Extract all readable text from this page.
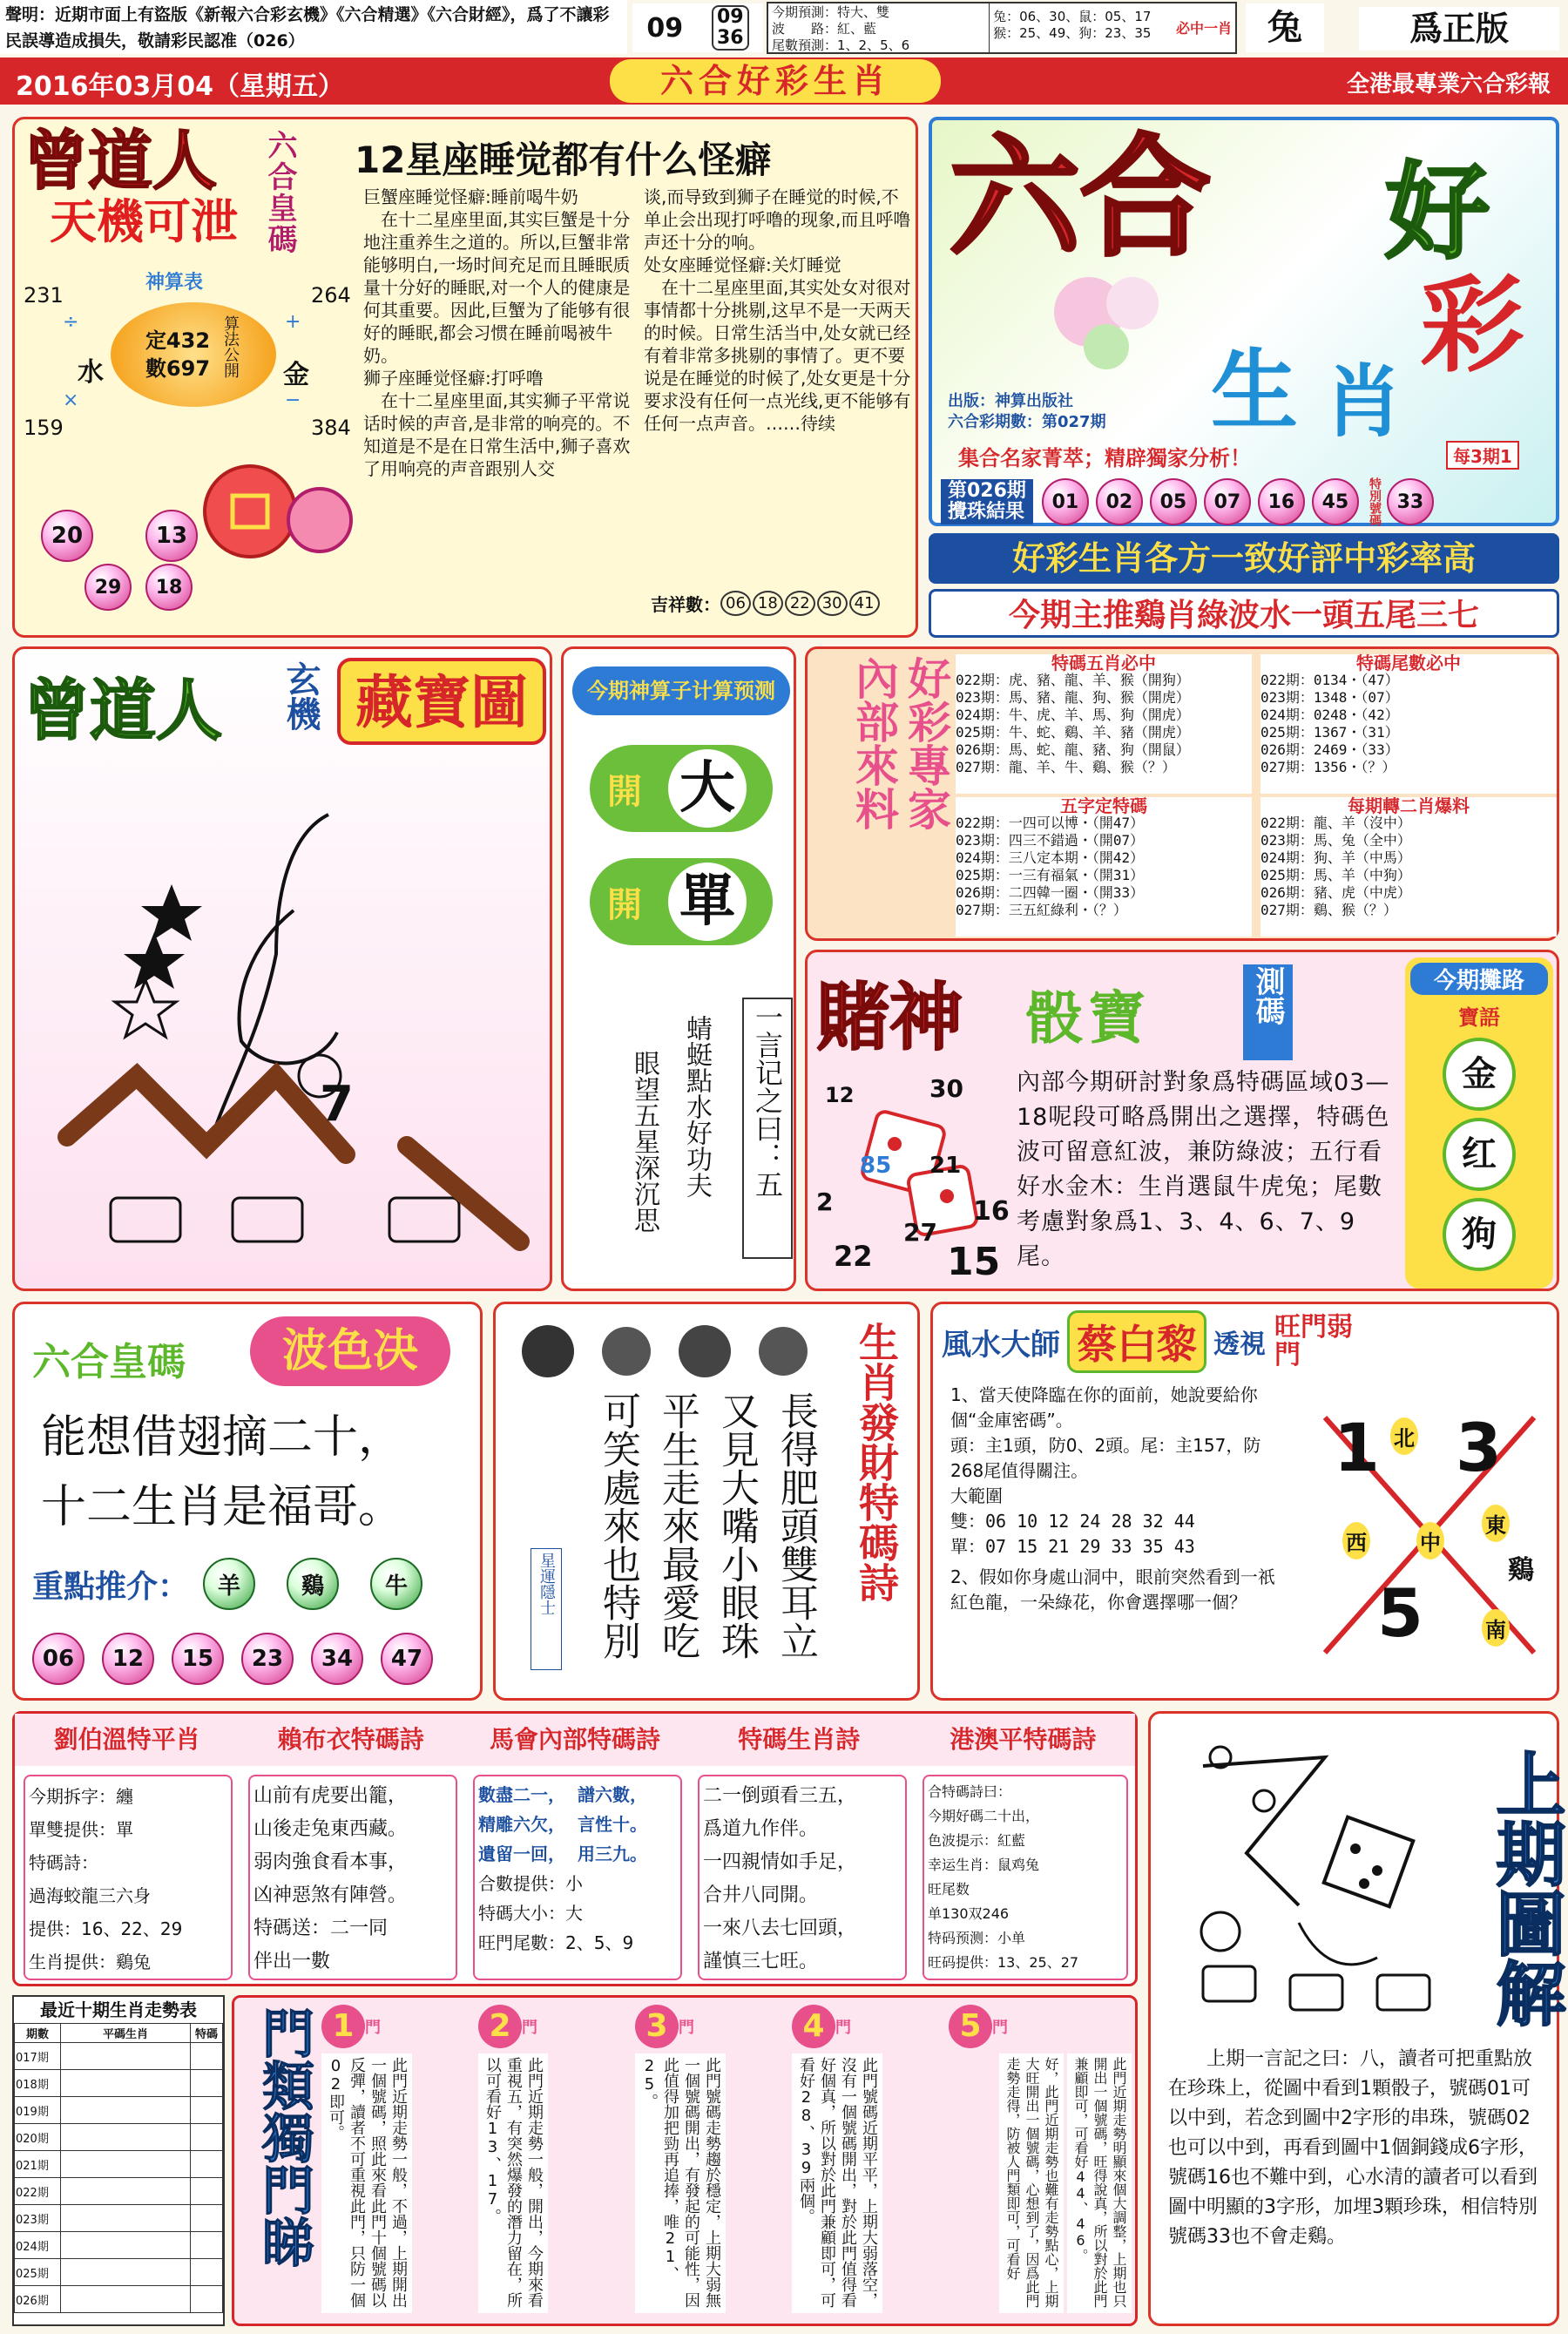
聲明：近期市面上有盜版《新報六合彩玄機》《六合精選》《六合財經》，爲了不讓彩民誤導造成損失，敬請彩民認准（026）	09 09
36
今期預測：特大、雙
波　　路：紅、藍
尾數預測：1、2、5、6
兔：06、30、鼠：05、17
猴：25、49、狗：23、35	必中一肖	兔	爲正版
2016年03月04（星期五）	六合好彩生肖	全港最專業六合彩報
曾道人
天機可泄 六合皇碼
神算表
231	264
159	384
÷	+
×	−
水	金
定432
數697 算法公開
20	13
29	18
12星座睡觉都有什么怪癖
巨蟹座睡觉怪癖:睡前喝牛奶
　在十二星座里面,其实巨蟹是十分地注重养生之道的。所以,巨蟹非常能够明白,一场时间充足而且睡眠质量十分好的睡眠,对一个人的健康是何其重要。因此,巨蟹为了能够有很好的睡眠,都会习惯在睡前喝被牛奶。
狮子座睡觉怪癖:打呼噜
　在十二星座里面,其实狮子平常说话时候的声音,是非常的响亮的。不知道是不是在日常生活中,狮子喜欢了用响亮的声音跟别人交
谈,而导致到狮子在睡觉的时候,不单止会出现打呼噜的现象,而且呼噜声还十分的响。
处女座睡觉怪癖:关灯睡觉
　在十二星座里面,其实处女对很对事情都十分挑剔,这早不是一天两天的时候。日常生活当中,处女就已经有着非常多挑剔的事情了。更不要说是在睡觉的时候了,处女更是十分要求没有任何一点光线,更不能够有任何一点声音。……待续
吉祥數： 06 18 22 30 41
六合 好
彩
生 肖
出版：神算出版社
六合彩期數：第027期
集合名家菁萃；精辟獨家分析！	每3期1
第026期
攪珠結果	01	02	05	07	16	45	特別號碼 33
好彩生肖各方一致好評中彩率高
今期主推鷄肖綠波水一頭五尾三七
曾道人 玄機 藏寶圖
7
今期神算子计算预测
開 大
開 單
一言记之曰：五
蜻蜓點水好功夫
眼望五星深沉思
好彩專家
內部來料	特碼五肖必中
022期：虎、豬、龍、羊、猴（開狗）
023期：馬、豬、龍、狗、猴（開虎）
024期：牛、虎、羊、馬、狗（開虎）
025期：牛、蛇、鷄、羊、豬（開虎）
026期：馬、蛇、龍、豬、狗（開鼠）
027期：龍、羊、牛、鷄、猴（？）
特碼尾數必中
022期：0134・（47）
023期：1348・（07）
024期：0248・（42）
025期：1367・（31）
026期：2469・（33）
027期：1356・（？）
五字定特碼
022期：一四可以博・（開47）
023期：四三不錯過・（開07）
024期：三八定本期・（開42）
025期：一三有福氣・（開31）
026期：二四韓一圈・（開33）
027期：三五紅綠利・（？）
每期轉二肖爆料
022期：龍、羊（沒中）
023期：馬、兔（全中）
024期：狗、羊（中馬）
025期：馬、羊（中狗）
026期：豬、虎（中虎）
027期：鷄、猴（？）
賭神 骰寶	測碼	今期攤路
寶語
金
红
狗
12	30
85 21
2	16
27
22 15
內部今期研討對象爲特碼區域03—18呢段可略爲開出之選擇，特碼色波可留意紅波，兼防綠波；五行看好水金木：生肖選鼠牛虎兔；尾數考慮對象爲1、3、4、6、7、9尾。
六合皇碼	波色决
能想借翅摘二十，
十二生肖是福哥。
重點推介：	羊	鷄	牛
06	12	15	23	34	47	長得肥頭雙耳立
又見大嘴小眼珠
平生走來最愛吃
可笑處來也特別
星運隱士	生肖發財特碼詩 風水大師 蔡白黎 透視
旺門弱門
1、當天使降臨在你的面前，她說要給你個“金庫密碼”。
頭：主1頭，防0、2頭。尾：主157，防268尾值得關注。
大範圍
雙：06 10 12 24 28 32 44
單：07 15 21 29 33 35 43
2、假如你身處山洞中，眼前突然看到一祇紅色龍，一朵綠花，你會選擇哪一個？
1 3
5
北
西
東
南
中
鷄
劉伯溫特平肖	賴布衣特碼詩	馬會內部特碼詩	特碼生肖詩	港澳平特碼詩
今期拆字：纏
單雙提供：單
特碼詩：
過海蛟龍三六身
提供：16、22、29
生肖提供：鷄兔
山前有虎要出籠，
山後走兔東西藏。
弱肉強食看本事，
凶神惡煞有陣營。
特碼送：二一同
伴出一數
數盡二一， 譜六數，
精雕六欠， 言性十。
遺留一回， 用三九。
合數提供：小
特碼大小：大
旺門尾數：2、5、9
二一倒頭看三五，
爲道九作伴。
一四親情如手足，
合井八同開。
一來八去七回頭，
謹慎三七旺。
合特碼詩曰：
今期好碼二十出，
色波提示：紅藍
幸运生肖：鼠鸡兔
旺尾数
单130双246
特码预测：小单
旺码提供：13、25、27
最近十期生肖走勢表
期數	平碼生肖	特碼
017期		
018期		
019期		
020期		
021期		
022期		
023期		
024期		
025期		
026期		
門類獨門睇 1 門
此門近期走勢一般，不過，上期開出一個號碼，照此來看此門十個號碼以反彈，讀者不可重視此門，只防一個02即可。
2 門
此門近期走勢一般，開出，今期來看重視五，有突然爆發的潛力留在，所以可看好13、17。
3 門
此門號碼走勢趨於穩定，上期大弱無一個號碼開出，有發起的可能性，因此值得加把勁再追捧，唯21、25。
4 門
此門號碼近期平平，上期大弱落空，沒有一個號碼開出，對於此門值得看好個真，所以對於此門兼顧即可，可看好28、39兩個。
5 門
此門近期走勢明顯來個大調整，上期也只開出一個號碼，旺得說真，所以對於此門兼顧即可，可看好44、46。
好，此門近期走勢也難有走勢點心，上期大旺開出一個號碼，心想到了，因爲此門走勢走得，防被人門類即可，可看好
上期圖解
上期一言記之曰：八，讀者可把重點放在珍珠上，從圖中看到1顆骰子，號碼01可以中到，若念到圖中2字形的串珠，號碼02也可以中到，再看到圖中1個銅錢成6字形，號碼16也不難中到，心水清的讀者可以看到圖中明顯的3字形，加埋3顆珍珠，相信特別號碼33也不會走鷄。
